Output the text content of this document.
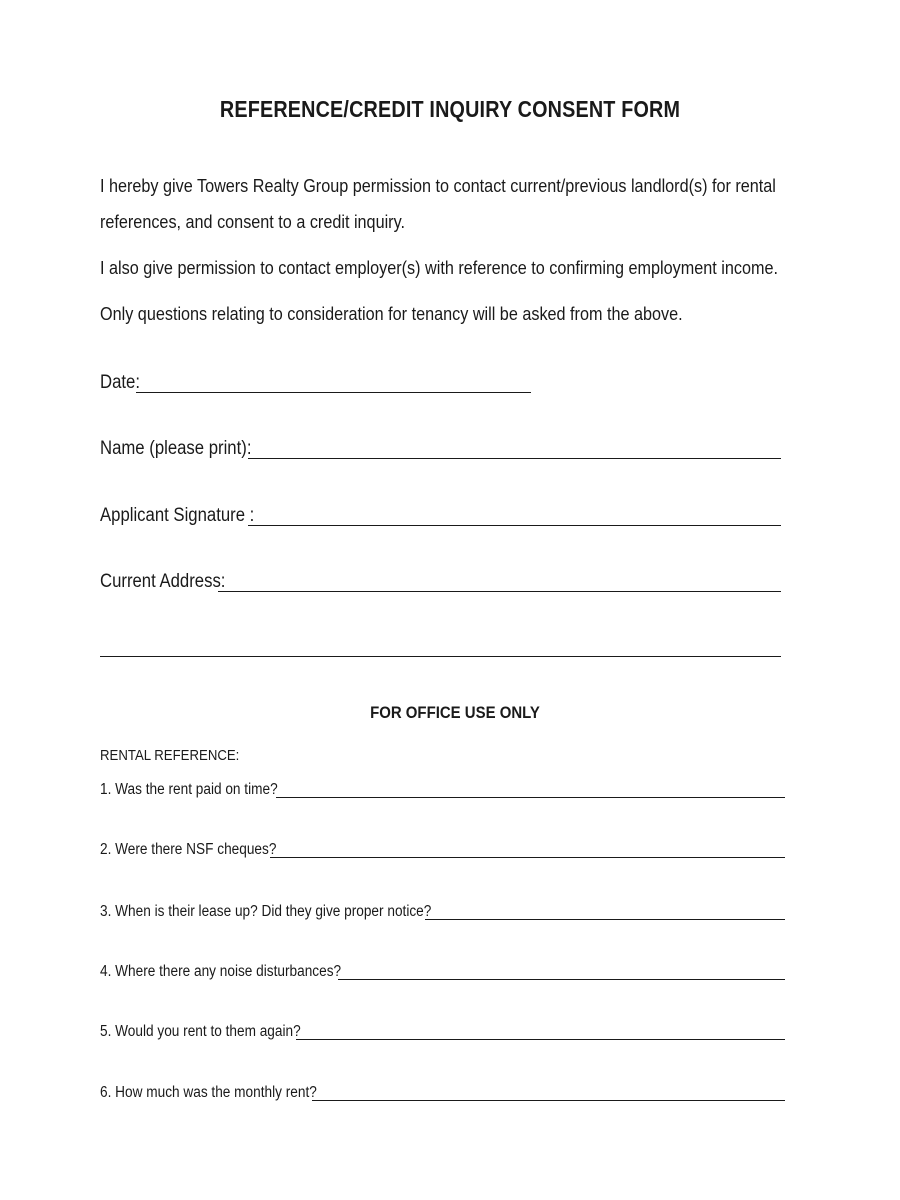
REFERENCE/CREDIT INQUIRY CONSENT FORM
I hereby give Towers Realty Group permission to contact current/previous landlord(s) for rental
references, and consent to a credit inquiry.
I also give permission to contact employer(s) with reference to confirming employment income.
Only questions relating to consideration for tenancy will be asked from the above.
Date:
Name (please print):
Applicant Signature :
Current Address:
FOR OFFICE USE ONLY
RENTAL REFERENCE:
1. Was the rent paid on time?
2. Were there NSF cheques?
3. When is their lease up? Did they give proper notice?
4. Where there any noise disturbances?
5. Would you rent to them again?
6. How much was the monthly rent?
